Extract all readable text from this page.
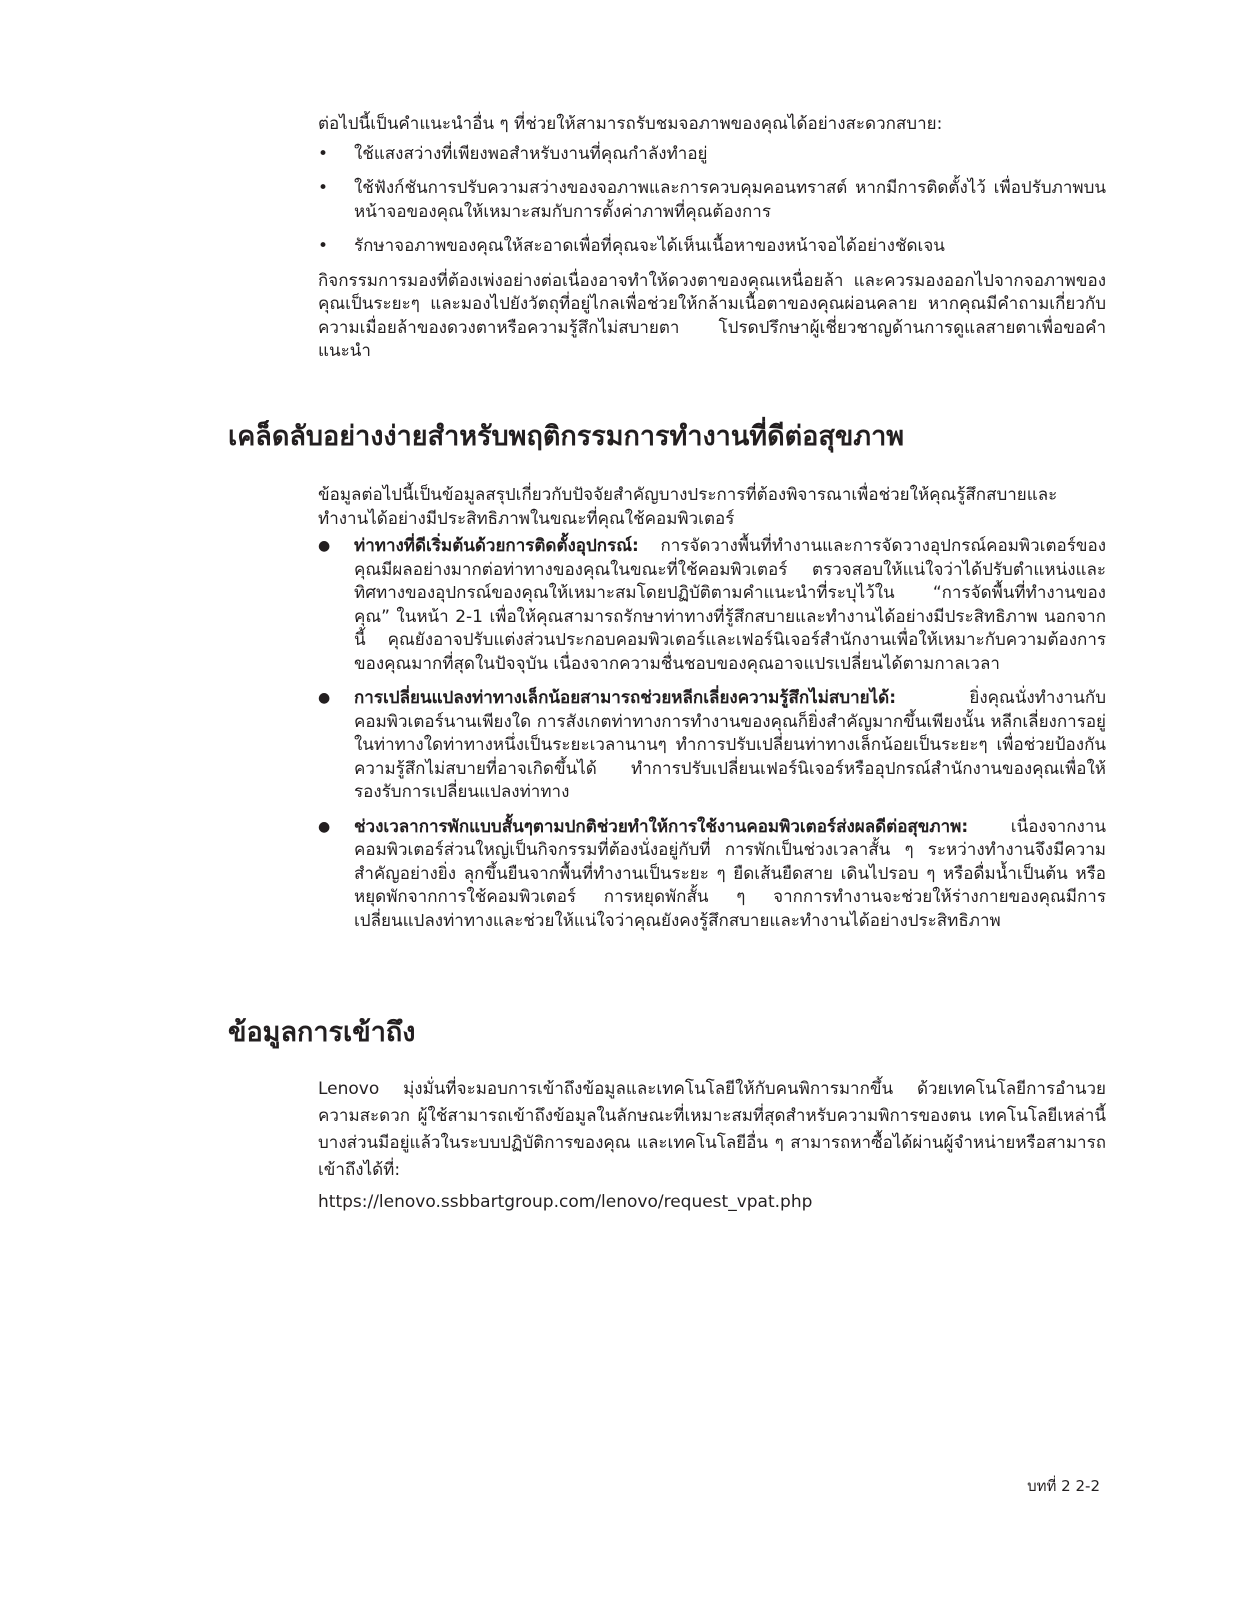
ต่อไปนี้เป็นคำแนะนำอื่น ๆ ที่ช่วยให้สามารถรับชมจอภาพของคุณได้อย่างสะดวกสบาย:

• ใช้แสงสว่างที่เพียงพอสำหรับงานที่คุณกำลังทำอยู่
• ใช้ฟังก์ชันการปรับความสว่างของจอภาพและการควบคุมคอนทราสต์ หากมีการติดตั้งไว้ เพื่อปรับภาพบนหน้าจอของคุณให้เหมาะสมกับการตั้งค่าภาพที่คุณต้องการ
• รักษาจอภาพของคุณให้สะอาดเพื่อที่คุณจะได้เห็นเนื้อหาของหน้าจอได้อย่างชัดเจน

กิจกรรมการมองที่ต้องเพ่งอย่างต่อเนื่องอาจทำให้ดวงตาของคุณเหนื่อยล้า และควรมองออกไปจากจอภาพของคุณเป็นระยะๆ และมองไปยังวัตถุที่อยู่ไกลเพื่อช่วยให้กล้ามเนื้อตาของคุณผ่อนคลาย หากคุณมีคำถามเกี่ยวกับความเมื่อยล้าของดวงตาหรือความรู้สึกไม่สบายตา โปรดปรึกษาผู้เชี่ยวชาญด้านการดูแลสายตาเพื่อขอคำแนะนำ

เคล็ดลับอย่างง่ายสำหรับพฤติกรรมการทำงานที่ดีต่อสุขภาพ

ข้อมูลต่อไปนี้เป็นข้อมูลสรุปเกี่ยวกับปัจจัยสำคัญบางประการที่ต้องพิจารณาเพื่อช่วยให้คุณรู้สึกสบายและทำงานได้อย่างมีประสิทธิภาพในขณะที่คุณใช้คอมพิวเตอร์

● ท่าทางที่ดีเริ่มต้นด้วยการติดตั้งอุปกรณ์: การจัดวางพื้นที่ทำงานและการจัดวางอุปกรณ์คอมพิวเตอร์ของคุณมีผลอย่างมากต่อท่าทางของคุณในขณะที่ใช้คอมพิวเตอร์ ตรวจสอบให้แน่ใจว่าได้ปรับตำแหน่งและทิศทางของอุปกรณ์ของคุณให้เหมาะสมโดยปฏิบัติตามคำแนะนำที่ระบุไว้ใน “การจัดพื้นที่ทำงานของคุณ” ในหน้า 2-1 เพื่อให้คุณสามารถรักษาท่าทางที่รู้สึกสบายและทำงานได้อย่างมีประสิทธิภาพ นอกจากนี้ คุณยังอาจปรับแต่งส่วนประกอบคอมพิวเตอร์และเฟอร์นิเจอร์สำนักงานเพื่อให้เหมาะกับความต้องการของคุณมากที่สุดในปัจจุบัน เนื่องจากความชื่นชอบของคุณอาจแปรเปลี่ยนได้ตามกาลเวลา
● การเปลี่ยนแปลงท่าทางเล็กน้อยสามารถช่วยหลีกเลี่ยงความรู้สึกไม่สบายได้:	ยิ่งคุณนั่งทำงานกับคอมพิวเตอร์นานเพียงใด การสังเกตท่าทางการทำงานของคุณก็ยิ่งสำคัญมากขึ้นเพียงนั้น หลีกเลี่ยงการอยู่ในท่าทางใดท่าทางหนึ่งเป็นระยะเวลานานๆ ทำการปรับเปลี่ยนท่าทางเล็กน้อยเป็นระยะๆ เพื่อช่วยป้องกันความรู้สึกไม่สบายที่อาจเกิดขึ้นได้ ทำการปรับเปลี่ยนเฟอร์นิเจอร์หรืออุปกรณ์สำนักงานของคุณเพื่อให้รองรับการเปลี่ยนแปลงท่าทาง
● ช่วงเวลาการพักแบบสั้นๆตามปกติช่วยทำให้การใช้งานคอมพิวเตอร์ส่งผลดีต่อสุขภาพ:	เนื่องจากงานคอมพิวเตอร์ส่วนใหญ่เป็นกิจกรรมที่ต้องนั่งอยู่กับที่ การพักเป็นช่วงเวลาสั้น ๆ ระหว่างทำงานจึงมีความสำคัญอย่างยิ่ง ลุกขึ้นยืนจากพื้นที่ทำงานเป็นระยะ ๆ ยืดเส้นยืดสาย เดินไปรอบ ๆ หรือดื่มน้ำเป็นต้น หรือหยุดพักจากการใช้คอมพิวเตอร์ การหยุดพักสั้น ๆ จากการทำงานจะช่วยให้ร่างกายของคุณมีการเปลี่ยนแปลงท่าทางและช่วยให้แน่ใจว่าคุณยังคงรู้สึกสบายและทำงานได้อย่างประสิทธิภาพ
ข้อมูลการเข้าถึง

Lenovo มุ่งมั่นที่จะมอบการเข้าถึงข้อมูลและเทคโนโลยีให้กับคนพิการมากขึ้น ด้วยเทคโนโลยีการอำนวยความสะดวก ผู้ใช้สามารถเข้าถึงข้อมูลในลักษณะที่เหมาะสมที่สุดสำหรับความพิการของตน เทคโนโลยีเหล่านี้บางส่วนมีอยู่แล้วในระบบปฏิบัติการของคุณ และเทคโนโลยีอื่น ๆ สามารถหาซื้อได้ผ่านผู้จำหน่ายหรือสามารถเข้าถึงได้ที่:

https://lenovo.ssbbartgroup.com/lenovo/request_vpat.php

บทที่ 2 2-2
